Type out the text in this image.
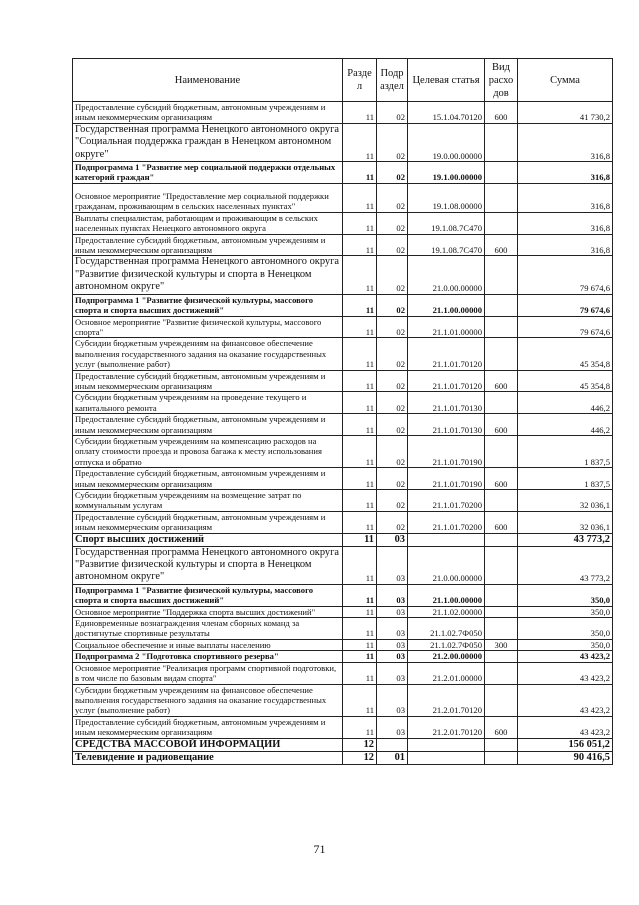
Наименование	Разде л	Подр аздел	Целевая статья	Вид расхо дов	Сумма
Предоставление субсидий бюджетным, автономным учреждениям и иным некоммерческим организациям	11	02	15.1.04.70120	600	41 730,2
Государственная программа Ненецкого автономного округа "Социальная поддержка граждан в Ненецком автономном округе"	11	02	19.0.00.00000		316,8
Подпрограмма 1 "Развитие мер социальной поддержки отдельных категорий граждан"	11	02	19.1.00.00000		316,8
Основное мероприятие "Предоставление мер социальной поддержки гражданам, проживающим в сельских населенных пунктах"	11	02	19.1.08.00000		316,8
Выплаты специалистам, работающим и проживающим в сельских населенных пунктах Ненецкого автономного округа	11	02	19.1.08.7C470		316,8
Предоставление субсидий бюджетным, автономным учреждениям и иным некоммерческим организациям	11	02	19.1.08.7C470	600	316,8
Государственная программа Ненецкого автономного округа "Развитие физической культуры и спорта в Ненецком автономном округе"	11	02	21.0.00.00000		79 674,6
Подпрограмма 1 "Развитие физической культуры, массового спорта и спорта высших достижений"	11	02	21.1.00.00000		79 674,6
Основное мероприятие "Развитие физической культуры, массового спорта"	11	02	21.1.01.00000		79 674,6
Субсидии бюджетным учреждениям на финансовое обеспечение выполнения государственного задания на оказание государственных услуг (выполнение работ)	11	02	21.1.01.70120		45 354,8
Предоставление субсидий бюджетным, автономным учреждениям и иным некоммерческим организациям	11	02	21.1.01.70120	600	45 354,8
Субсидии бюджетным учреждениям на проведение текущего и капитального ремонта	11	02	21.1.01.70130		446,2
Предоставление субсидий бюджетным, автономным учреждениям и иным некоммерческим организациям	11	02	21.1.01.70130	600	446,2
Субсидии бюджетным учреждениям на компенсацию расходов на оплату стоимости проезда и провоза багажа к месту использования отпуска и обратно	11	02	21.1.01.70190		1 837,5
Предоставление субсидий бюджетным, автономным учреждениям и иным некоммерческим организациям	11	02	21.1.01.70190	600	1 837,5
Субсидии бюджетным учреждениям на возмещение затрат по коммунальным услугам	11	02	21.1.01.70200		32 036,1
Предоставление субсидий бюджетным, автономным учреждениям и иным некоммерческим организациям	11	02	21.1.01.70200	600	32 036,1
Спорт высших достижений	11	03			43 773,2
Государственная программа Ненецкого автономного округа "Развитие физической культуры и спорта в Ненецком автономном округе"	11	03	21.0.00.00000		43 773,2
Подпрограмма 1 "Развитие физической культуры, массового спорта и спорта высших достижений"	11	03	21.1.00.00000		350,0
Основное мероприятие "Поддержка спорта высших достижений"	11	03	21.1.02.00000		350,0
Единовременные вознаграждения членам сборных команд за достигнутые спортивные результаты	11	03	21.1.02.7Ф050		350,0
Социальное обеспечение и иные выплаты населению	11	03	21.1.02.7Ф050	300	350,0
Подпрограмма 2 "Подготовка спортивного резерва"	11	03	21.2.00.00000		43 423,2
Основное мероприятие "Реализация программ спортивной подготовки, в том числе по базовым видам спорта"	11	03	21.2.01.00000		43 423,2
Субсидии бюджетным учреждениям на финансовое обеспечение выполнения государственного задания на оказание государственных услуг (выполнение работ)	11	03	21.2.01.70120		43 423,2
Предоставление субсидий бюджетным, автономным учреждениям и иным некоммерческим организациям	11	03	21.2.01.70120	600	43 423,2
СРЕДСТВА МАССОВОЙ ИНФОРМАЦИИ	12				156 051,2
Телевидение и радиовещание	12	01			90 416,5
71
